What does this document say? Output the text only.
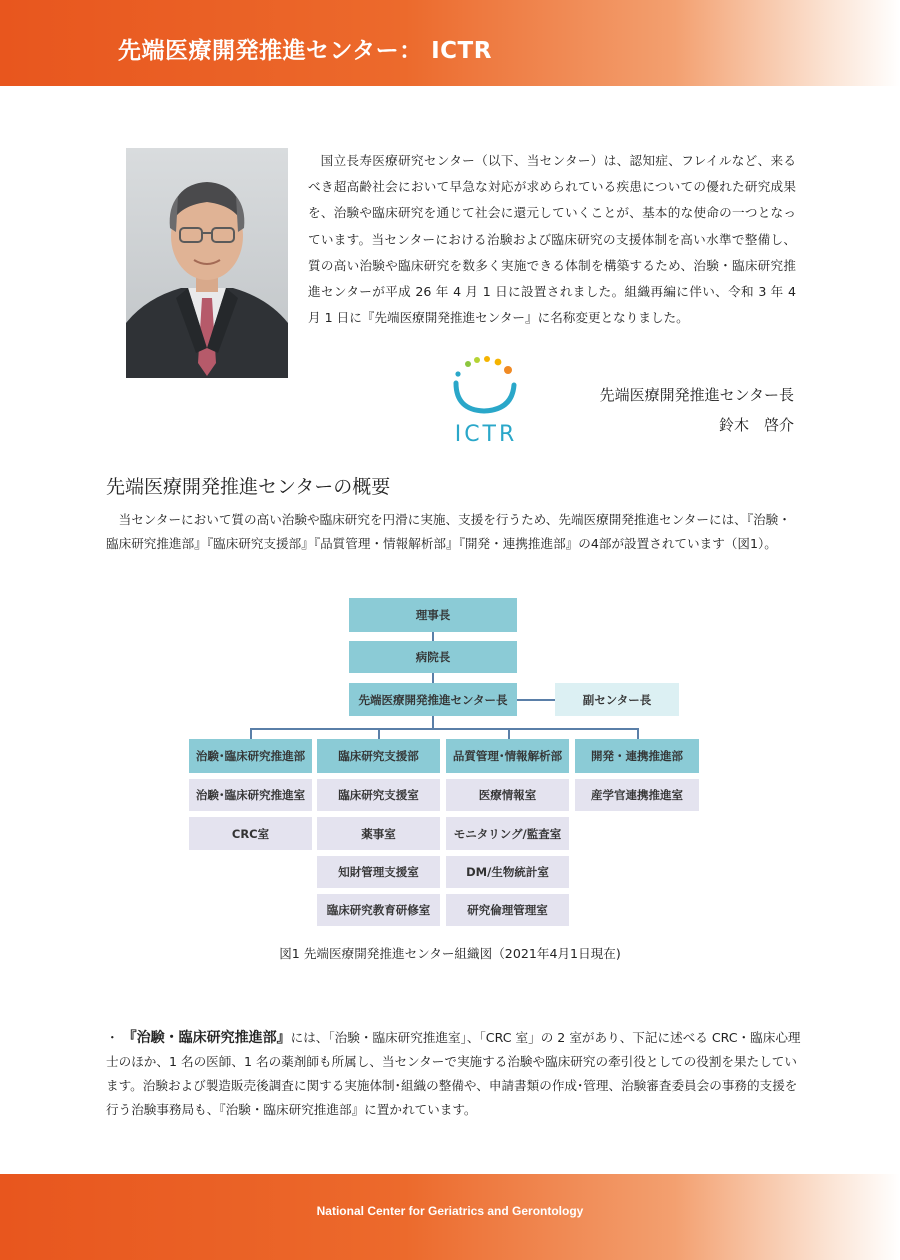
先端医療開発推進センター： ICTR
国立長寿医療研究センター（以下、当センター）は、認知症、フレイルなど、来るべき超高齢社会において早急な対応が求められている疾患についての優れた研究成果を、治験や臨床研究を通じて社会に還元していくことが、基本的な使命の一つとなっています。当センターにおける治験および臨床研究の支援体制を高い水準で整備し、質の高い治験や臨床研究を数多く実施できる体制を構築するため、治験・臨床研究推進センターが平成 26 年 4 月 1 日に設置されました。組織再編に伴い、令和 3 年 4 月 1 日に『先端医療開発推進センター』に名称変更となりました。
ICTR
先端医療開発推進センター長
鈴木　啓介
先端医療開発推進センターの概要
当センターにおいて質の高い治験や臨床研究を円滑に実施、支援を行うため、先端医療開発推進センターには、『治験・臨床研究推進部』『臨床研究支援部』『品質管理・情報解析部』『開発・連携推進部』の4部が設置されています（図1）。
理事長
病院長
先端医療開発推進センター長	副センター長
治験･臨床研究推進部	臨床研究支援部	品質管理･情報解析部	開発・連携推進部
治験･臨床研究推進室
CRC室
臨床研究支援室
薬事室
知財管理支援室
臨床研究教育研修室
医療情報室
モニタリング/監査室
DM/生物統計室
研究倫理管理室
産学官連携推進室
図1 先端医療開発推進センター組織図（2021年4月1日現在)
・ 『治験・臨床研究推進部』には、「治験・臨床研究推進室」、「CRC 室」の 2 室があり、下記に述べる CRC・臨床心理士のほか、1 名の医師、1 名の薬剤師も所属し、当センターで実施する治験や臨床研究の牽引役としての役割を果たしています。治験および製造販売後調査に関する実施体制･組織の整備や、申請書類の作成･管理、治験審査委員会の事務的支援を行う治験事務局も、『治験・臨床研究推進部』に置かれています。
National Center for Geriatrics and Gerontology
